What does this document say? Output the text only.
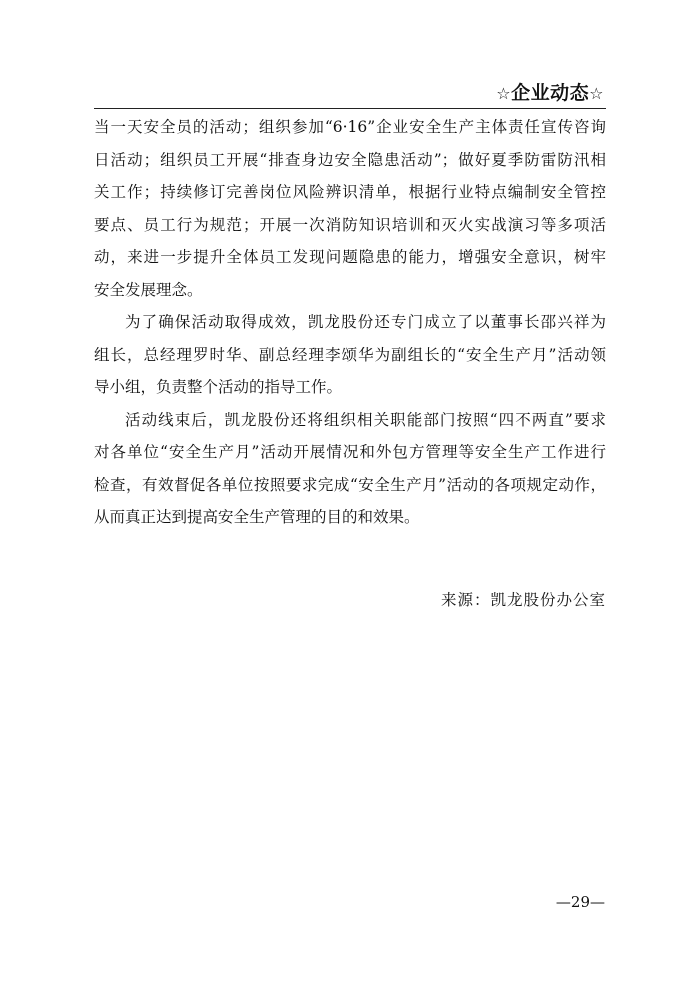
☆企业动态☆

当一天安全员的活动；组织参加“6·16”企业安全生产主体责任宣传咨询
日活动；组织员工开展“排查身边安全隐患活动”；做好夏季防雷防汛相
关工作；持续修订完善岗位风险辨识清单，根据行业特点编制安全管控
要点、员工行为规范；开展一次消防知识培训和灭火实战演习等多项活
动，来进一步提升全体员工发现问题隐患的能力，增强安全意识，树牢
安全发展理念。

为了确保活动取得成效，凯龙股份还专门成立了以董事长邵兴祥为
组长，总经理罗时华、副总经理李颂华为副组长的“安全生产月”活动领
导小组，负责整个活动的指导工作。

活动线束后，凯龙股份还将组织相关职能部门按照“四不两直”要求
对各单位“安全生产月”活动开展情况和外包方管理等安全生产工作进行
检查，有效督促各单位按照要求完成“安全生产月”活动的各项规定动作，
从而真正达到提高安全生产管理的目的和效果。

来源：凯龙股份办公室
—29—
